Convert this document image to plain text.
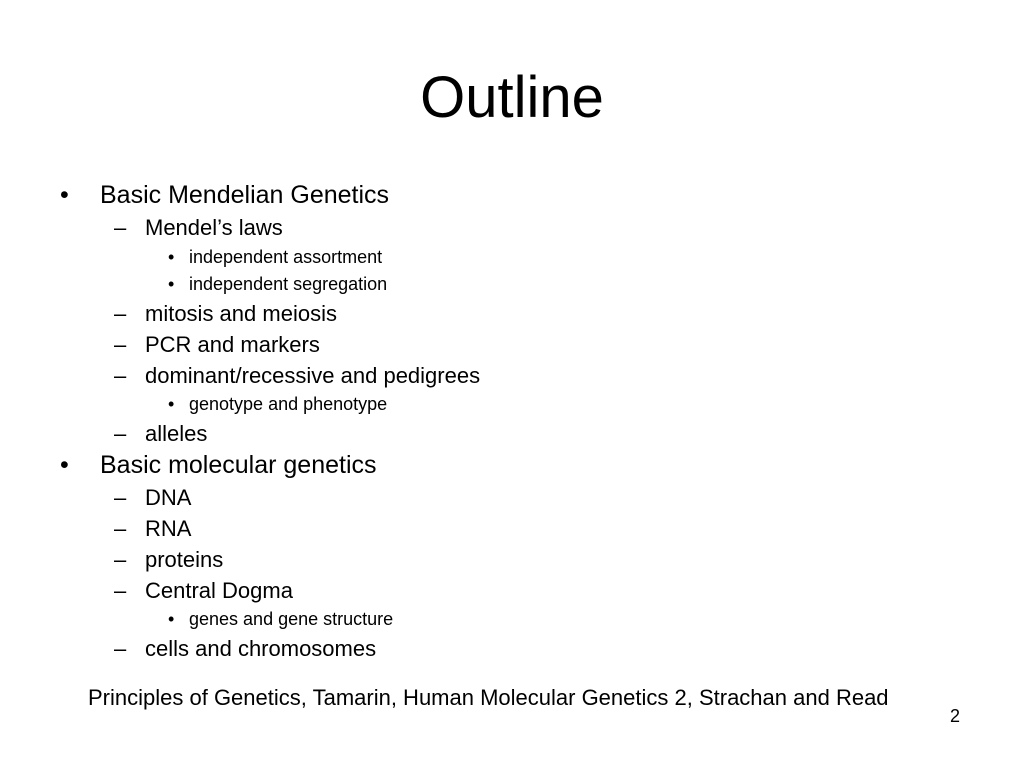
Outline
• Basic Mendelian Genetics
– Mendel’s laws
• independent assortment
• independent segregation
– mitosis and meiosis
– PCR and markers
– dominant/recessive and pedigrees
• genotype and phenotype
– alleles
• Basic molecular genetics
– DNA
– RNA
– proteins
– Central Dogma
• genes and gene structure
– cells and chromosomes
Principles of Genetics, Tamarin, Human Molecular Genetics 2, Strachan and Read
2
